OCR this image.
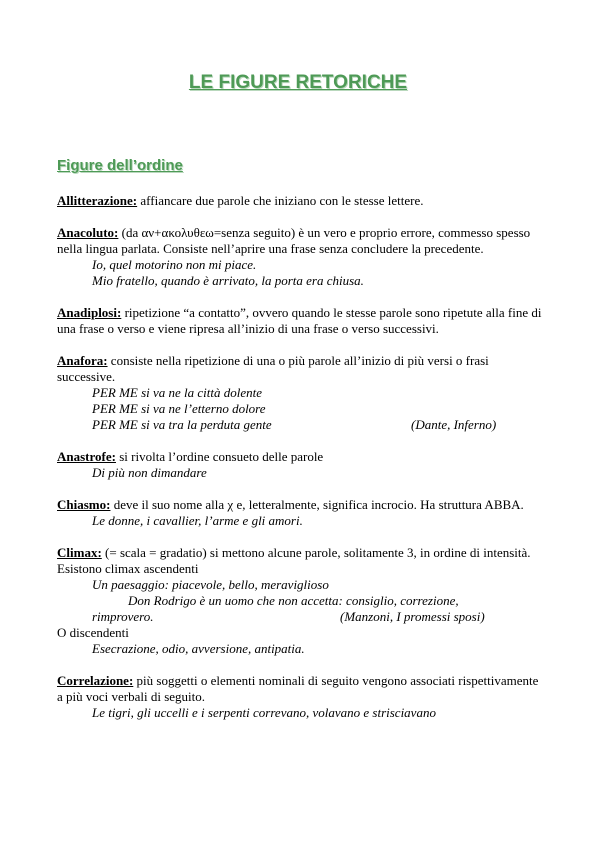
LE FIGURE RETORICHE
Figure dell’ordine

Allitterazione: affiancare due parole che iniziano con le stesse lettere.

Anacoluto: (da αν+ακολυθεω=senza seguito) è un vero e proprio errore, commesso spesso nella lingua parlata. Consiste nell’aprire una frase senza concludere la precedente.

Io, quel motorino non mi piace.

Mio fratello, quando è arrivato, la porta era chiusa.

Anadiplosi: ripetizione “a contatto”, ovvero quando le stesse parole sono ripetute alla fine di una frase o verso e viene ripresa all’inizio di una frase o verso successivi.

Anafora: consiste nella ripetizione di una o più parole all’inizio di più versi o frasi successive.

PER ME si va ne la città dolente

PER ME si va ne l’etterno dolore

PER ME si va tra la perduta gente	(Dante, Inferno)

Anastrofe: si rivolta l’ordine consueto delle parole

Di più non dimandare

Chiasmo: deve il suo nome alla χ e, letteralmente, significa incrocio. Ha struttura ABBA.

Le donne, i cavallier, l’arme e gli amori.

Climax: (= scala = gradatio) si mettono alcune parole, solitamente 3, in ordine di intensità. Esistono climax ascendenti

Un paesaggio: piacevole, bello, meraviglioso

Don Rodrigo è un uomo che non accetta: consiglio, correzione,

rimprovero.	(Manzoni, I promessi sposi)

O discendenti

Esecrazione, odio, avversione, antipatia.

Correlazione: più soggetti o elementi nominali di seguito vengono associati rispettivamente a più voci verbali di seguito.

Le tigri, gli uccelli e i serpenti correvano, volavano e strisciavano
